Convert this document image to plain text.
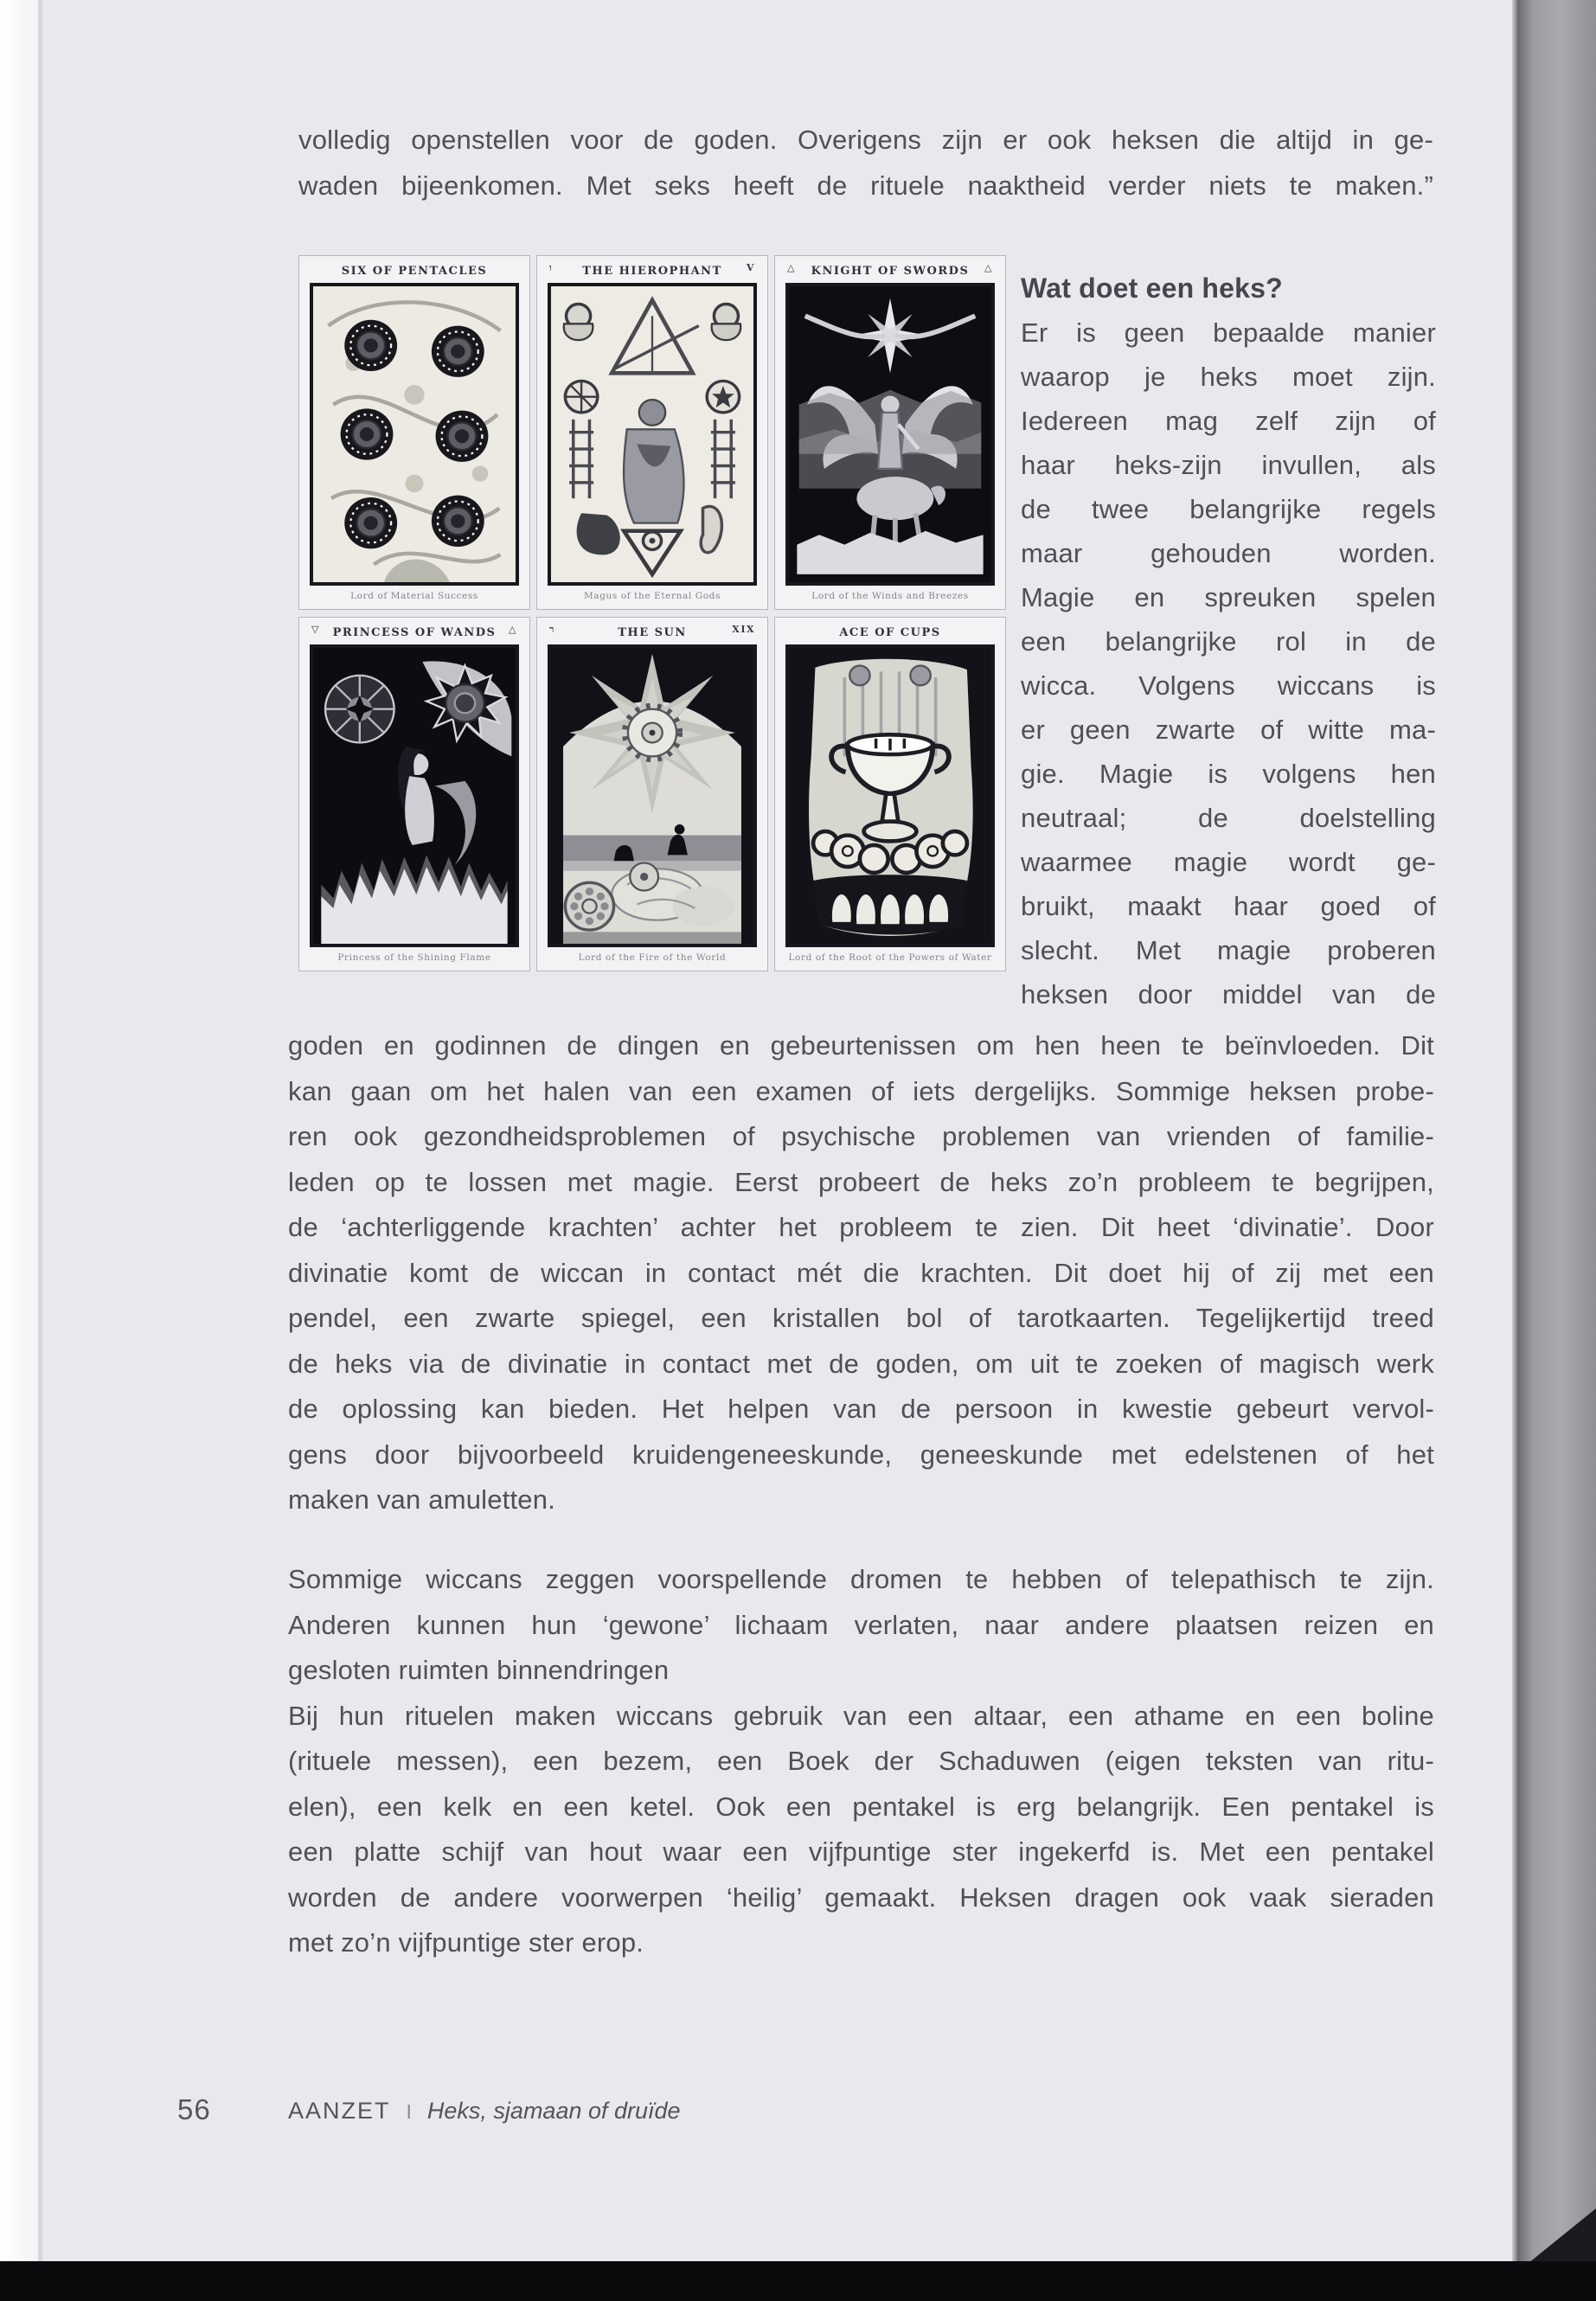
volledig openstellen voor de goden. Overigens zijn er ook heksen die altijd in ge-
waden bijeenkomen. Met seks heeft de rituele naaktheid verder niets te maken.”
SIX OF PENTACLES
Lord of Material Success
ו	THE HIEROPHANT	V
Magus of the Eternal Gods
△ KNIGHT OF SWORDS △
Lord of the Winds and Breezes
▽ PRINCESS OF WANDS △
Princess of the Shining Flame
ר	THE SUN	XIX
Lord of the Fire of the World
ACE OF CUPS
Lord of the Root of the Powers of Water
Wat doet een heks?
Er is geen bepaalde manier
waarop je heks moet zijn.
Iedereen mag zelf zijn of
haar heks-zijn invullen, als
de twee belangrijke regels
maar gehouden worden.
Magie en spreuken spelen
een belangrijke rol in de
wicca. Volgens wiccans is
er geen zwarte of witte ma-
gie. Magie is volgens hen
neutraal; de doelstelling
waarmee magie wordt ge-
bruikt, maakt haar goed of
slecht. Met magie proberen
heksen door middel van de
goden en godinnen de dingen en gebeurtenissen om hen heen te beïnvloeden. Dit
kan gaan om het halen van een examen of iets dergelijks. Sommige heksen probe-
ren ook gezondheidsproblemen of psychische problemen van vrienden of familie-
leden op te lossen met magie. Eerst probeert de heks zo’n probleem te begrijpen,
de ‘achterliggende krachten’ achter het probleem te zien. Dit heet ‘divinatie’. Door
divinatie komt de wiccan in contact mét die krachten. Dit doet hij of zij met een
pendel, een zwarte spiegel, een kristallen bol of tarotkaarten. Tegelijkertijd treed
de heks via de divinatie in contact met de goden, om uit te zoeken of magisch werk
de oplossing kan bieden. Het helpen van de persoon in kwestie gebeurt vervol-
gens door bijvoorbeeld kruidengeneeskunde, geneeskunde met edelstenen of het
maken van amuletten.
Sommige wiccans zeggen voorspellende dromen te hebben of telepathisch te zijn.
Anderen kunnen hun ‘gewone’ lichaam verlaten, naar andere plaatsen reizen en
gesloten ruimten binnendringen
Bij hun rituelen maken wiccans gebruik van een altaar, een athame en een boline
(rituele messen), een bezem, een Boek der Schaduwen (eigen teksten van ritu-
elen), een kelk en een ketel. Ook een pentakel is erg belangrijk. Een pentakel is
een platte schijf van hout waar een vijfpuntige ster ingekerfd is. Met een pentakel
worden de andere voorwerpen ‘heilig’ gemaakt. Heksen dragen ook vaak sieraden
met zo’n vijfpuntige ster erop.
56	AANZET I Heks, sjamaan of druïde
